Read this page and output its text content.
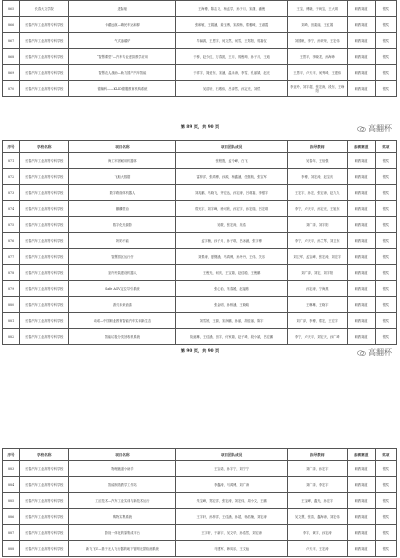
865	长春大文学院	进际船	王海傅，陈志义，杨孟学，孙子月，宋潇，潘俊	王宝，傅晓，于尚宝，王大琪	职教赛道	银奖
866	长春汽车工业高等专科学校	卡藏远航—嗨民车运和驿	张和敏，王娟涵，姜玉博，宋源杨，郑雅嵘，王淑霞	刘琦，田素丽，王红娟	职教赛道	银奖
867	长春汽车工业高等专科学校	气式渗碳炉	毕赫源，王恩宇，何文然，何雪，王郑阳，郭嘉仪	刘国帆，李宁，孙荣荣，王宏伟	职教赛道	银奖
868	长春汽车工业高等专科学校	“智慧课堂”—汽车专业虚拟教学应用	于桥，赵少红，万春波，王月，郭俊坤，孙子月，王迪	王思平，李晓龙，孙海珍	职教赛道	银奖
869	长春汽车工业高等专科学校	智慧农人战助—助力国产汽车智能	于祥宇，简爱东，宋涵，温永涛，李雪，孔丽婧，赵光	王思平，卢天平，何秀琦，王建伟	职教赛道	银奖
870	长春汽车工业高等专科学校	德嫡科——KLID德服教育机构系统	吴浩轩，石敬伟，吕泽然，孙定光，刘铠	李亚玲，刘宇超，张宏涛，段东，王峥阳	职教赛道	银奖
第 89 页，共 90 页	高翻杯
序号	学校名称	项目名称	项目团队成员	指导教师	参赛赛道	奖项
871	长春汽车工业高等专科学校	海工牢固耐用机器体	张程胜，孟令峰，白飞	吴春年，王佰强	职教赛道	银奖
872	长春汽车工业高等专科学校	飞船大数据	雷梓洋，张鸿博，孙源，杨鑫涵，任继航，张宝军	李博，刘宏涛，赵宝庆	职教赛道	银奖
873	长春汽车工业高等专科学校	数字路面体机器人	刘兆鹏，马晓飞，齐宏达，孙宏涛，吕莉嘉，李强宇	王宏宇，孙宏，张宏涛，赵九九	职教赛道	银奖
874	长春汽车工业高等专科学校	麒麟堂治	郑光宇，刘宇峰，徐可欣，孙宏宇，孙宏瑞，吕宏琪	李宁，卢天平，孙宏光，王旭东	职教赛道	银奖
875	长春汽车工业高等专科学校	数字化光源影	吴敬，张宏涛，吴浩	刘广泽，刘宇阳	职教赛道	银奖
876	长春汽车工业高等专科学校	奶奶不能	孟宇楠，孙子月，孙子琪，吕冰涵，张宇博	李宁，卢天平，孙兰琴，刘卫东	职教赛道	银奖
877	长春汽车工业高等专科学校	智慧园区运行仔	刘景涛，夏钢涵，马鸿博，孙丹丹，王伟，关乐	刘卫军，孟宝峰，张宏涛，刘宏宇	职教赛道	银奖
878	长春汽车工业高等专科学校	室内夹装建设机器人	王俊光，何庆，王宝瑞，赵佳聪，王俊鹏	刘广泽，刘宏，刘宇阳	职教赛道	银奖
879	长春汽车工业高等专科学校	Safe AGV定位导引系统	张心怡，朱春媛，赵福栋	孙宏涛，宁海燕	职教赛道	银奖
880	长春汽车工业高等专科学校	游刃未来油漆	张金明，孙桥涵，王晓暄	王琳琳，王晓宇	职教赛道	银奖
881	长春汽车工业高等专科学校	动诺—中国职业教育智能汽车实训新生态	刘雪婷，王源，宋润鹏，孙丽，胡佳丽，陈宇	刘广泽，李博，郑宏，王宏宇	职教赛道	银奖
882	长春汽车工业高等专科学校	智能垃圾分类回收机系统	阮诞琳，王佳涵，田宇，付家瑞，赵子琦，段小斌，吕宏鹏	李宁，卢天平，刘宏天，孙广琦	职教赛道	银奖
第 90 页，共 90 页	高翻杯
序号	学校名称	项目名称	项目团队成员	指导教师	参赛赛道	奖项
883	长春汽车工业高等专科学校	物理跑道小助手	王宝诺，孙宇宁，刘宁宁	刘广泽，孙宏宇	职教赛道	银奖
884	长春汽车工业高等专科学校	智能制造教学工作站	李鑫涛，马鸿博，刘广涛	刘广泽，李宏宇	职教赛道	银奖
885	长春汽车工业高等专科学校	工匠技术—汽车工业实训与新技术运行	朱宝峰，郑宏洋，张宏涛，刘宏伟，周小文，王鹏	王宝峰，鑫光，孙宏宇	职教赛道	银奖
886	长春汽车工业高等专科学校	购物实集系统	王宇轩，孙梓洋，王佳涵，孙超，杨浩楠，刘宏涛	吴文慧，张苗，鑫海涛，刘宏伟	职教赛道	银奖
887	长春汽车工业高等专科学校	影视一体化的原集成平台	王宇轩，于新宇，吴文华，孙浩然，刘宏涛	李宇，黄宇，孙宏涛	职教赛道	银奖
888	长春汽车工业高等专科学校	新飞飞U—基于无人飞行器的地下管网无损检测系统	马建军，韩凤乐，王文灿	卢天平，王宏涛	职教赛道	银奖
